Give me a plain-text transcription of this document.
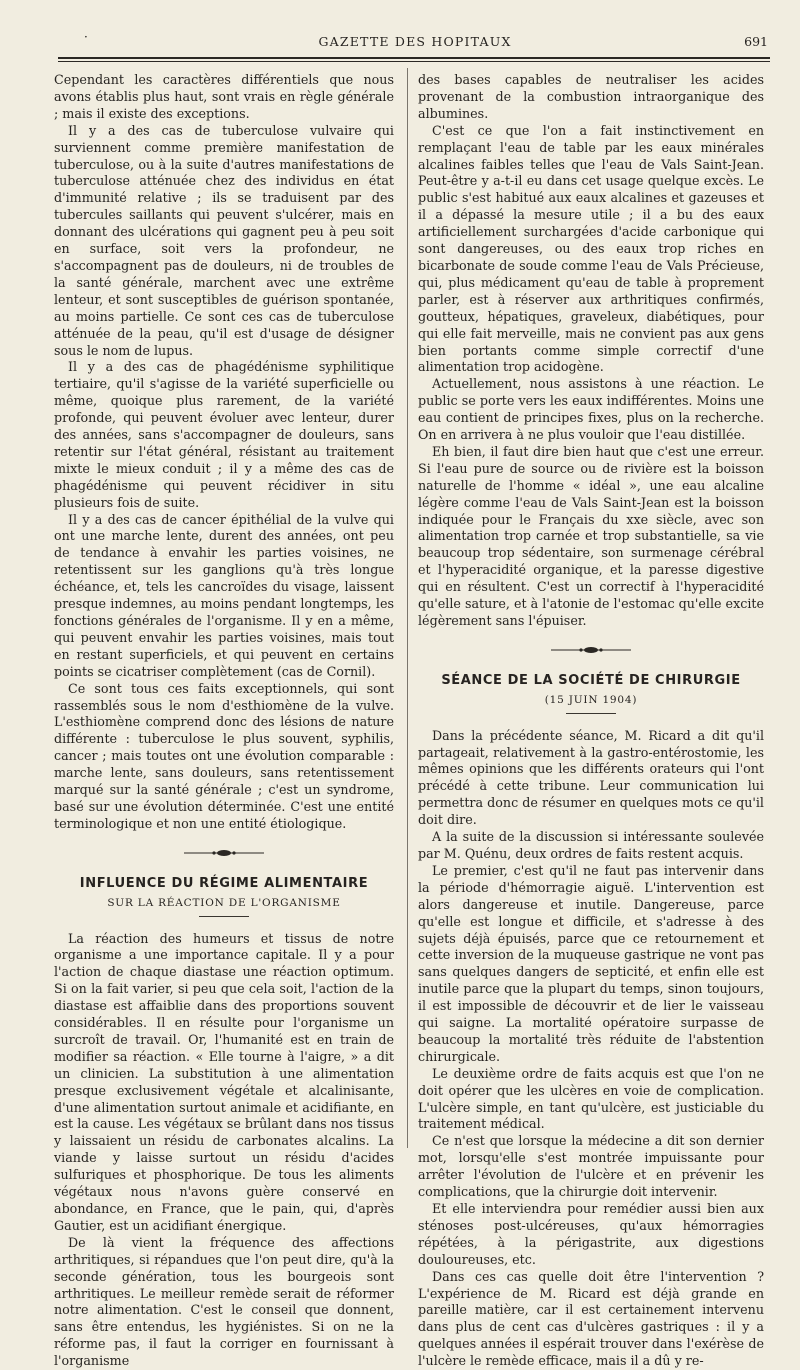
·	GAZETTE DES HOPITAUX	691

Cependant les caractères différentiels que nous avons établis plus haut, sont vrais en règle générale ; mais il existe des exceptions.

Il y a des cas de tuberculose vulvaire qui surviennent comme première manifestation de tuberculose, ou à la suite d'autres manifestations de tuberculose atténuée chez des individus en état d'immunité relative ; ils se traduisent par des tubercules saillants qui peuvent s'ulcérer, mais en donnant des ulcérations qui gagnent peu à peu soit en surface, soit vers la profondeur, ne s'accompagnent pas de douleurs, ni de troubles de la santé générale, marchent avec une extrême lenteur, et sont susceptibles de guérison spontanée, au moins partielle. Ce sont ces cas de tuberculose atténuée de la peau, qu'il est d'usage de désigner sous le nom de lupus.

Il y a des cas de phagédénisme syphilitique tertiaire, qu'il s'agisse de la variété superficielle ou même, quoique plus rarement, de la variété profonde, qui peuvent évoluer avec lenteur, durer des années, sans s'accompagner de douleurs, sans retentir sur l'état général, résistant au traitement mixte le mieux conduit ; il y a même des cas de phagédénisme qui peuvent récidiver in situ plusieurs fois de suite.

Il y a des cas de cancer épithélial de la vulve qui ont une marche lente, durent des années, ont peu de tendance à envahir les parties voisines, ne retentissent sur les ganglions qu'à très longue échéance, et, tels les cancroïdes du visage, laissent presque indemnes, au moins pendant longtemps, les fonctions générales de l'organisme. Il y en a même, qui peuvent envahir les parties voisines, mais tout en restant superficiels, et qui peuvent en certains points se cicatriser complètement (cas de Cornil).

Ce sont tous ces faits exceptionnels, qui sont rassemblés sous le nom d'esthiomène de la vulve. L'esthiomène comprend donc des lésions de nature différente : tuberculose le plus souvent, syphilis, cancer ; mais toutes ont une évolution comparable : marche lente, sans douleurs, sans retentissement marqué sur la santé générale ; c'est un syndrome, basé sur une évolution déterminée. C'est une entité terminologique et non une entité étiologique.

INFLUENCE DU RÉGIME ALIMENTAIRE
SUR LA RÉACTION DE L'ORGANISME

La réaction des humeurs et tissus de notre organisme a une importance capitale. Il y a pour l'action de chaque diastase une réaction optimum. Si on la fait varier, si peu que cela soit, l'action de la diastase est affaiblie dans des proportions souvent considérables. Il en résulte pour l'organisme un surcroît de travail. Or, l'humanité est en train de modifier sa réaction. « Elle tourne à l'aigre, » a dit un clinicien. La substitution à une alimentation presque exclusivement végétale et alcalinisante, d'une alimentation surtout animale et acidifiante, en est la cause. Les végétaux se brûlant dans nos tissus y laissaient un résidu de carbonates alcalins. La viande y laisse surtout un résidu d'acides sulfuriques et phosphorique. De tous les aliments végétaux nous n'avons guère conservé en abondance, en France, que le pain, qui, d'après Gautier, est un acidifiant énergique.

De là vient la fréquence des affections arthritiques, si répandues que l'on peut dire, qu'à la seconde génération, tous les bourgeois sont arthritiques. Le meilleur remède serait de réformer notre alimentation. C'est le conseil que donnent, sans être entendus, les hygiénistes. Si on ne la réforme pas, il faut la corriger en fournissant à l'organisme

des bases capables de neutraliser les acides provenant de la combustion intraorganique des albumines.

C'est ce que l'on a fait instinctivement en remplaçant l'eau de table par les eaux minérales alcalines faibles telles que l'eau de Vals Saint-Jean. Peut-être y a-t-il eu dans cet usage quelque excès. Le public s'est habitué aux eaux alcalines et gazeuses et il a dépassé la mesure utile ; il a bu des eaux artificiellement surchargées d'acide carbonique qui sont dangereuses, ou des eaux trop riches en bicarbonate de soude comme l'eau de Vals Précieuse, qui, plus médicament qu'eau de table à proprement parler, est à réserver aux arthritiques confirmés, goutteux, hépatiques, graveleux, diabétiques, pour qui elle fait merveille, mais ne convient pas aux gens bien portants comme simple correctif d'une alimentation trop acidogène.

Actuellement, nous assistons à une réaction. Le public se porte vers les eaux indifférentes. Moins une eau contient de principes fixes, plus on la recherche. On en arrivera à ne plus vouloir que l'eau distillée.

Eh bien, il faut dire bien haut que c'est une erreur. Si l'eau pure de source ou de rivière est la boisson naturelle de l'homme « idéal », une eau alcaline légère comme l'eau de Vals Saint-Jean est la boisson indiquée pour le Français du xxe siècle, avec son alimentation trop carnée et trop substantielle, sa vie beaucoup trop sédentaire, son surmenage cérébral et l'hyperacidité organique, et la paresse digestive qui en résultent. C'est un correctif à l'hyperacidité qu'elle sature, et à l'atonie de l'estomac qu'elle excite légèrement sans l'épuiser.

SÉANCE DE LA SOCIÉTÉ DE CHIRURGIE
(15 JUIN 1904)

Dans la précédente séance, M. Ricard a dit qu'il partageait, relativement à la gastro-entérostomie, les mêmes opinions que les différents orateurs qui l'ont précédé à cette tribune. Leur communication lui permettra donc de résumer en quelques mots ce qu'il doit dire.

A la suite de la discussion si intéressante soulevée par M. Quénu, deux ordres de faits restent acquis.

Le premier, c'est qu'il ne faut pas intervenir dans la période d'hémorragie aiguë. L'intervention est alors dangereuse et inutile. Dangereuse, parce qu'elle est longue et difficile, et s'adresse à des sujets déjà épuisés, parce que ce retournement et cette inversion de la muqueuse gastrique ne vont pas sans quelques dangers de septicité, et enfin elle est inutile parce que la plupart du temps, sinon toujours, il est impossible de découvrir et de lier le vaisseau qui saigne. La mortalité opératoire surpasse de beaucoup la mortalité très réduite de l'abstention chirurgicale.

Le deuxième ordre de faits acquis est que l'on ne doit opérer que les ulcères en voie de complication. L'ulcère simple, en tant qu'ulcère, est justiciable du traitement médical.

Ce n'est que lorsque la médecine a dit son dernier mot, lorsqu'elle s'est montrée impuissante pour arrêter l'évolution de l'ulcère et en prévenir les complications, que la chirurgie doit intervenir.

Et elle interviendra pour remédier aussi bien aux sténoses post-ulcéreuses, qu'aux hémorragies répétées, à la périgastrite, aux digestions douloureuses, etc.

Dans ces cas quelle doit être l'intervention ? L'expérience de M. Ricard est déjà grande en pareille matière, car il est certainement intervenu dans plus de cent cas d'ulcères gastriques : il y a quelques années il espérait trouver dans l'exérèse de l'ulcère le remède efficace, mais il a dû y re-
